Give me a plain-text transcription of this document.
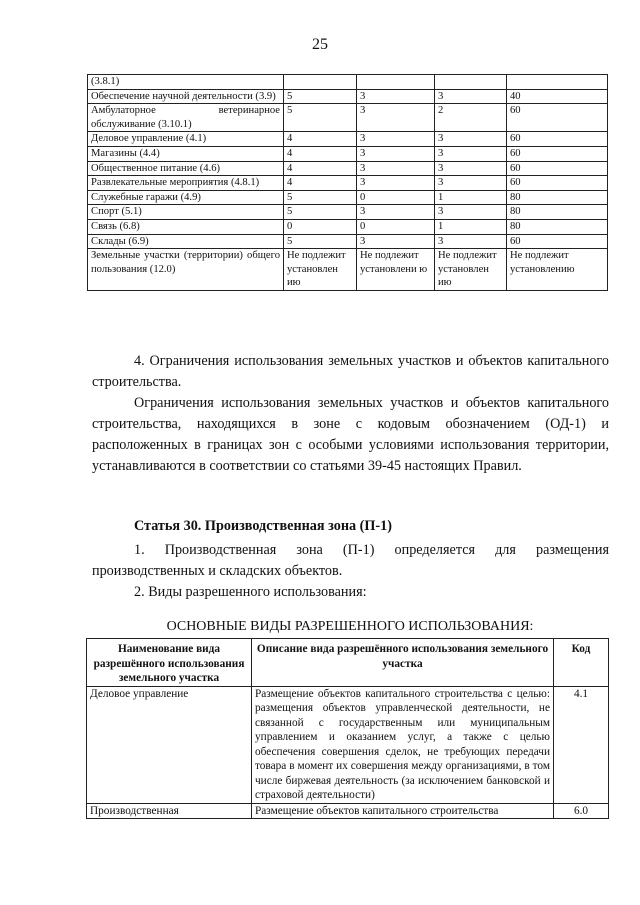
25
(3.8.1)				
Обеспечение научной деятельности (3.9)	5	3	3	40
Амбулаторное ветеринарное обслуживание (3.10.1)	5	3	2	60
Деловое управление (4.1)	4	3	3	60
Магазины (4.4)	4	3	3	60
Общественное питание (4.6)	4	3	3	60
Развлекательные мероприятия (4.8.1)	4	3	3	60
Служебные гаражи (4.9)	5	0	1	80
Спорт (5.1)	5	3	3	80
Связь (6.8)	0	0	1	80
Склады (6.9)	5	3	3	60
Земельные участки (территории) общего пользования (12.0)	Не подлежит установлен ию	Не подлежит установлени ю	Не подлежит установлен ию	Не подлежит установлению

4. Ограничения использования земельных участков и объектов капитального строительства.

Ограничения использования земельных участков и объектов капитального строительства, находящихся в зоне с кодовым обозначением (ОД-1) и расположенных в границах зон с особыми условиями использования территории, устанавливаются в соответствии со статьями 39-45 настоящих Правил.

Статья 30. Производственная зона (П-1)

1. Производственная зона (П-1) определяется для размещения производственных и складских объектов.

2. Виды разрешенного использования:

ОСНОВНЫЕ ВИДЫ РАЗРЕШЕННОГО ИСПОЛЬЗОВАНИЯ:
Наименование вида разрешённого использования земельного участка	Описание вида разрешённого использования земельного участка	Код
Деловое управление	Размещение объектов капитального строительства с целью: размещения объектов управленческой деятельности, не связанной с государственным или муниципальным управлением и оказанием услуг, а также с целью обеспечения совершения сделок, не требующих передачи товара в момент их совершения между организациями, в том числе биржевая деятельность (за исключением банковской и страховой деятельности)	4.1
Производственная	Размещение объектов капитального строительства	6.0
